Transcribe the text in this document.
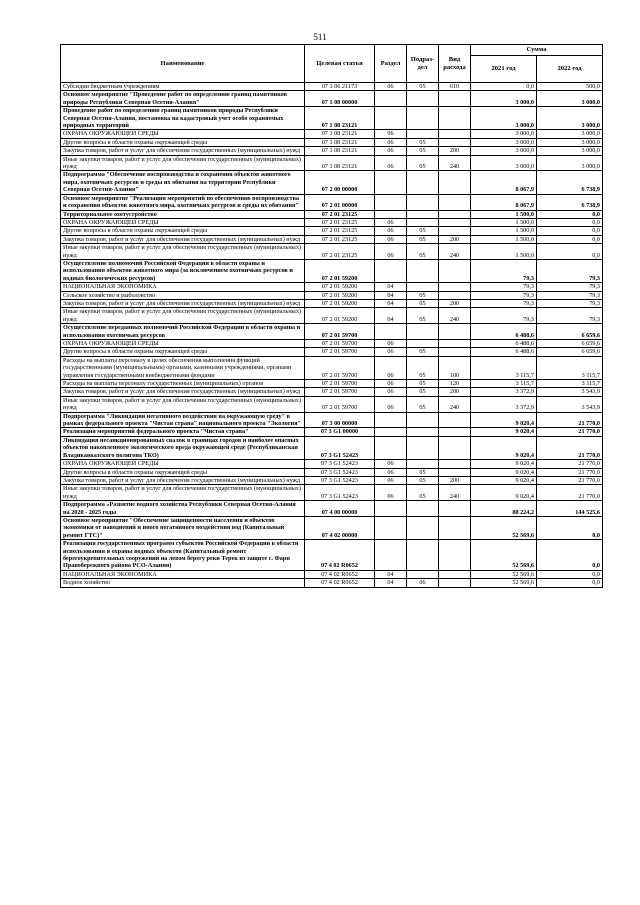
511
Наименование	Целевая статья	Раздел	Подраз-дел	Вид расхода	Сумма	
					2021 год	2022 год
Субсидии бюджетным учреждениям	07 1 06 21173	06	05	610	0,0	500,0
Основное мероприятие "Проведение работ по определению границ памятников природы Республики Северная Осетия-Алания"	07 1 08 00000				3 000,0	3 000,0
Проведение работ по определению границ памятников природы Республики Северная Осетия-Алания, постановка на кадастровый учет особо охраняемых природных территорий	07 1 08 23121				3 000,0	3 000,0
ОХРАНА ОКРУЖАЮЩЕЙ СРЕДЫ	07 1 08 23121	06			3 000,0	3 000,0
Другие вопросы в области охраны окружающей среды	07 1 08 23121	06	05		3 000,0	3 000,0
Закупка товаров, работ и услуг для обеспечения государственных (муниципальных) нужд	07 1 08 23121	06	05	200	3 000,0	3 000,0
Иные закупки товаров, работ и услуг для обеспечения государственных (муниципальных) нужд	07 1 08 23121	06	05	240	3 000,0	3 000,0
Подпрограмма "Обеспечение воспроизводства и сохранения объектов животного мира, охотничьих ресурсов и среды их обитания на территории Республики Северная Осетия-Алания"	07 2 00 00000				8 067,9	6 738,9
Основное мероприятие "Реализация мероприятий по обеспечению воспроизводства и сохранения объектов животного мира, охотничьих ресурсов и среды их обитания"	07 2 01 00000				8 067,9	6 738,9
Территориальное охотустройство	07 2 01 23125				1 500,0	0,0
ОХРАНА ОКРУЖАЮЩЕЙ СРЕДЫ	07 2 01 23125	06			1 500,0	0,0
Другие вопросы в области охраны окружающей среды	07 2 01 23125	06	05		1 500,0	0,0
Закупка товаров, работ и услуг для обеспечения государственных (муниципальных) нужд	07 2 01 23125	06	05	200	1 500,0	0,0
Иные закупки товаров, работ и услуг для обеспечения государственных (муниципальных) нужд	07 2 01 23125	06	05	240	1 500,0	0,0
Осуществление полномочий Российской Федерации в области охраны и использования объектов животного мира (за исключением охотничьих ресурсов и водных биологических ресурсов)	07 2 01 59200				79,3	79,3
НАЦИОНАЛЬНАЯ ЭКОНОМИКА	07 2 01 59200	04			79,3	79,3
Сельское хозяйство и рыболовство	07 2 01 59200	04	05		79,3	79,3
Закупка товаров, работ и услуг для обеспечения государственных (муниципальных) нужд	07 2 01 59200	04	05	200	79,3	79,3
Иные закупки товаров, работ и услуг для обеспечения государственных (муниципальных) нужд	07 2 01 59200	04	05	240	79,3	79,3
Осуществление переданных полномочий Российской Федерации в области охраны и использования охотничьих ресурсов	07 2 01 59700				6 488,6	6 659,6
ОХРАНА ОКРУЖАЮЩЕЙ СРЕДЫ	07 2 01 59700	06			6 488,6	6 659,6
Другие вопросы в области охраны окружающей среды	07 2 01 59700	06	05		6 488,6	6 659,6
Расходы на выплаты персоналу в целях обеспечения выполнения функций государственными (муниципальными) органами, казенными учреждениями, органами управления государственными внебюджетными фондами	07 2 01 59700	06	05	100	3 115,7	3 115,7
Расходы на выплаты персоналу государственных (муниципальных) органов	07 2 01 59700	06	05	120	3 115,7	3 115,7
Закупка товаров, работ и услуг для обеспечения государственных (муниципальных) нужд	07 2 01 59700	06	05	200	3 372,9	3 543,9
Иные закупки товаров, работ и услуг для обеспечения государственных (муниципальных) нужд	07 2 01 59700	06	05	240	3 372,9	3 543,9
Подпрограмма "Ликвидация негативного воздействия на окружающую среду" в рамках федерального проекта "Чистая страна" национального проекта "Экология"	07 3 00 00000				9 020,4	21 770,0
Реализация мероприятий федерального проекта "Чистая страна"	07 3 G1 00000				9 020,4	21 770,0
Ликвидация несанкционированных свалок в границах городов и наиболее опасных объектов накопленного экологического вреда окружающей среде (Республиканская Владикавказского полигона ТКО)	07 3 G1 52423				9 020,4	21 770,0
ОХРАНА ОКРУЖАЮЩЕЙ СРЕДЫ	07 3 G1 52423	06			9 020,4	21 770,0
Другие вопросы в области охраны окружающей среды	07 3 G1 52423	06	05		9 020,4	21 770,0
Закупка товаров, работ и услуг для обеспечения государственных (муниципальных) нужд	07 3 G1 52423	06	05	200	9 020,4	21 770,0
Иные закупки товаров, работ и услуг для обеспечения государственных (муниципальных) нужд	07 3 G1 52423	06	05	240	9 020,4	21 770,0
Подпрограмма «Развитие водного хозяйства Республики Северная Осетия-Алания на 2020 - 2025 годы	07 4 00 00000				88 224,2	144 525,6
Основное мероприятие "Обеспечение защищенности населения и объектов экономики от наводнений и иного негативного воздействия вод (Капитальный ремонт ГТС)"	07 4 02 00000				52 569,6	0,0
Реализация государственных программ субъектов Российской Федерации в области использования и охраны водных объектов (Капитальный ремонт берегоукрепительных сооружений на левом берегу реки Терек из защите с. Фарн Правобережного района РСО-Алания)	07 4 02 R0652				52 569,6	0,0
НАЦИОНАЛЬНАЯ ЭКОНОМИКА	07 4 02 R0652	04			52 569,6	0,0
Водное хозяйство	07 4 02 R0652	04	06		52 569,6	0,0
